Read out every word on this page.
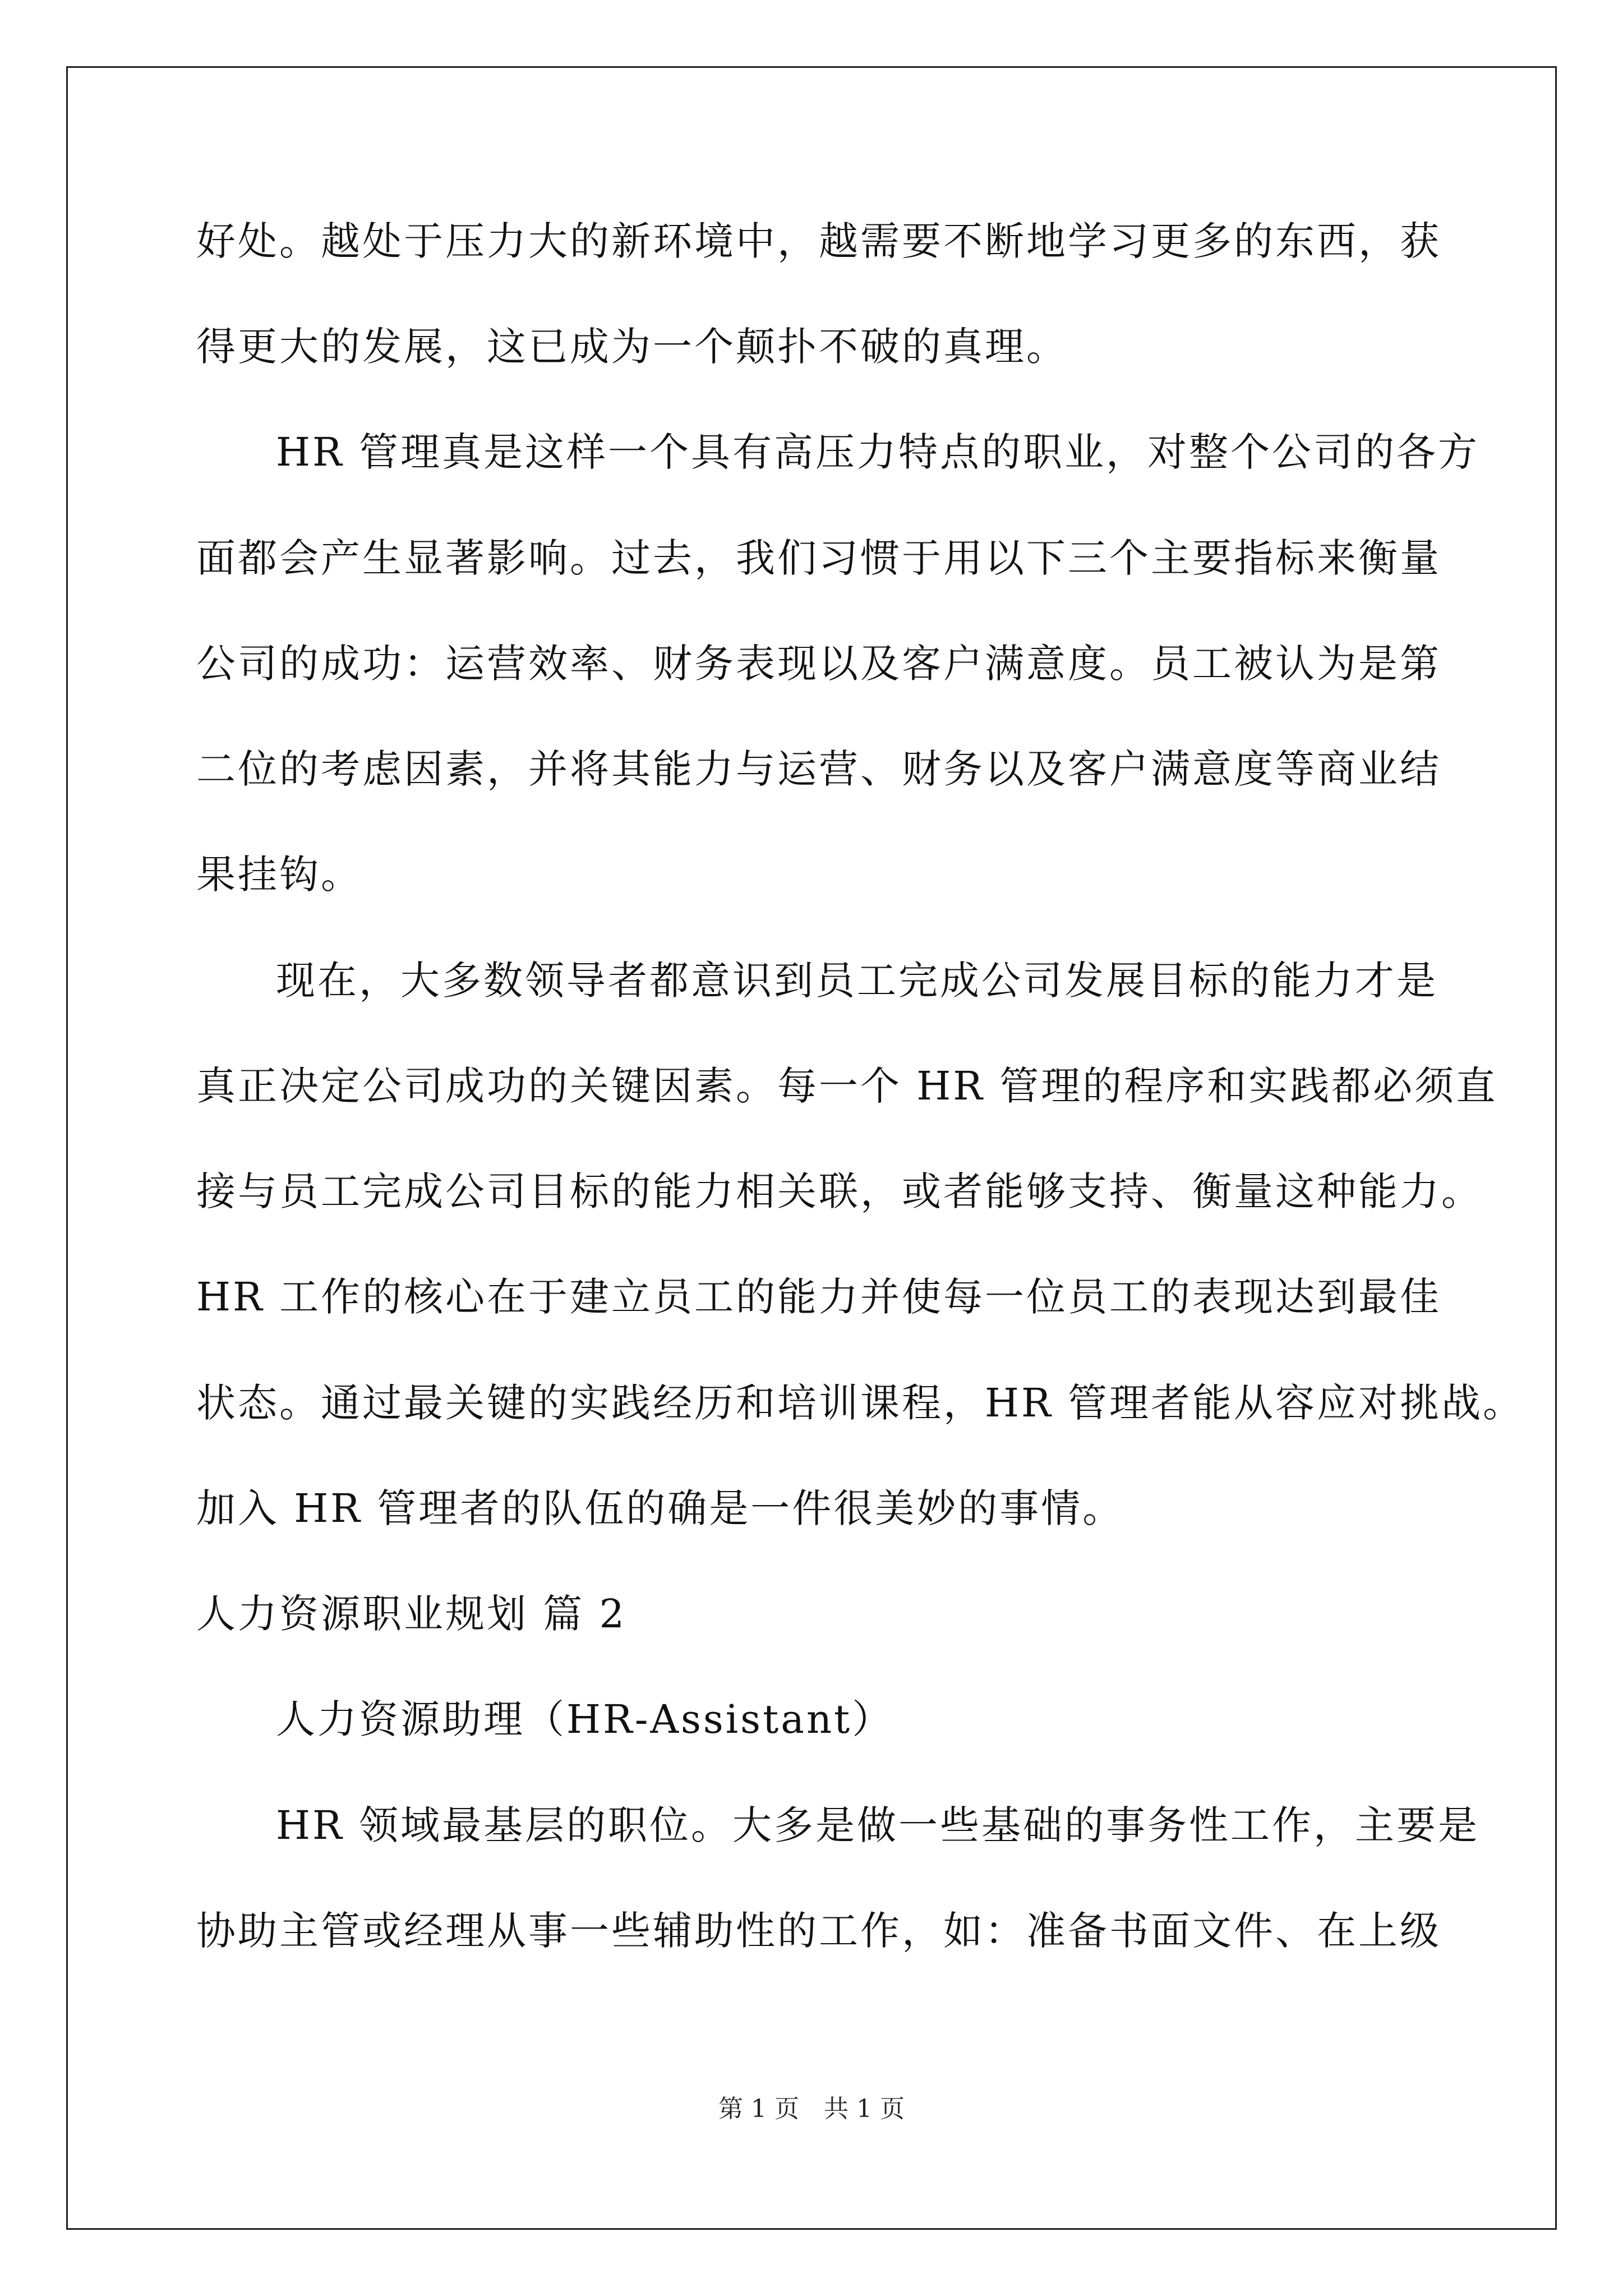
好处。越处于压力大的新环境中，越需要不断地学习更多的东西，获
得更大的发展，这已成为一个颠扑不破的真理。
HR 管理真是这样一个具有高压力特点的职业，对整个公司的各方
面都会产生显著影响。过去，我们习惯于用以下三个主要指标来衡量
公司的成功：运营效率、财务表现以及客户满意度。员工被认为是第
二位的考虑因素，并将其能力与运营、财务以及客户满意度等商业结
果挂钩。
现在，大多数领导者都意识到员工完成公司发展目标的能力才是
真正决定公司成功的关键因素。每一个 HR 管理的程序和实践都必须直
接与员工完成公司目标的能力相关联，或者能够支持、衡量这种能力。
HR 工作的核心在于建立员工的能力并使每一位员工的表现达到最佳
状态。通过最关键的实践经历和培训课程，HR 管理者能从容应对挑战。
加入 HR 管理者的队伍的确是一件很美妙的事情。
人力资源职业规划 篇 2
人力资源助理（HR-Assistant）
HR 领域最基层的职位。大多是做一些基础的事务性工作，主要是
协助主管或经理从事一些辅助性的工作，如：准备书面文件、在上级
第 1 页　共 1 页
